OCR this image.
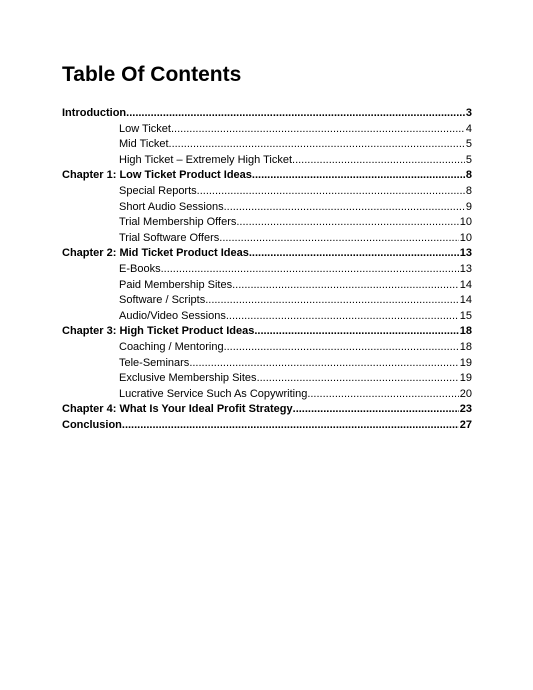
Table Of Contents
Introduction .....	3
Low Ticket .....	4
Mid Ticket .....	5
High Ticket – Extremely High Ticket .....	5
Chapter 1: Low Ticket Product Ideas .....	8
Special Reports .....	8
Short Audio Sessions .....	9
Trial Membership Offers .....	10
Trial Software Offers .....	10
Chapter 2: Mid Ticket Product Ideas .....	13
E-Books .....	13
Paid Membership Sites .....	14
Software / Scripts .....	14
Audio/Video Sessions .....	15
Chapter 3: High Ticket Product Ideas .....	18
Coaching / Mentoring .....	18
Tele-Seminars .....	19
Exclusive Membership Sites .....	19
Lucrative Service Such As Copywriting .....	20
Chapter 4: What Is Your Ideal Profit Strategy .....	23
Conclusion .....	27
